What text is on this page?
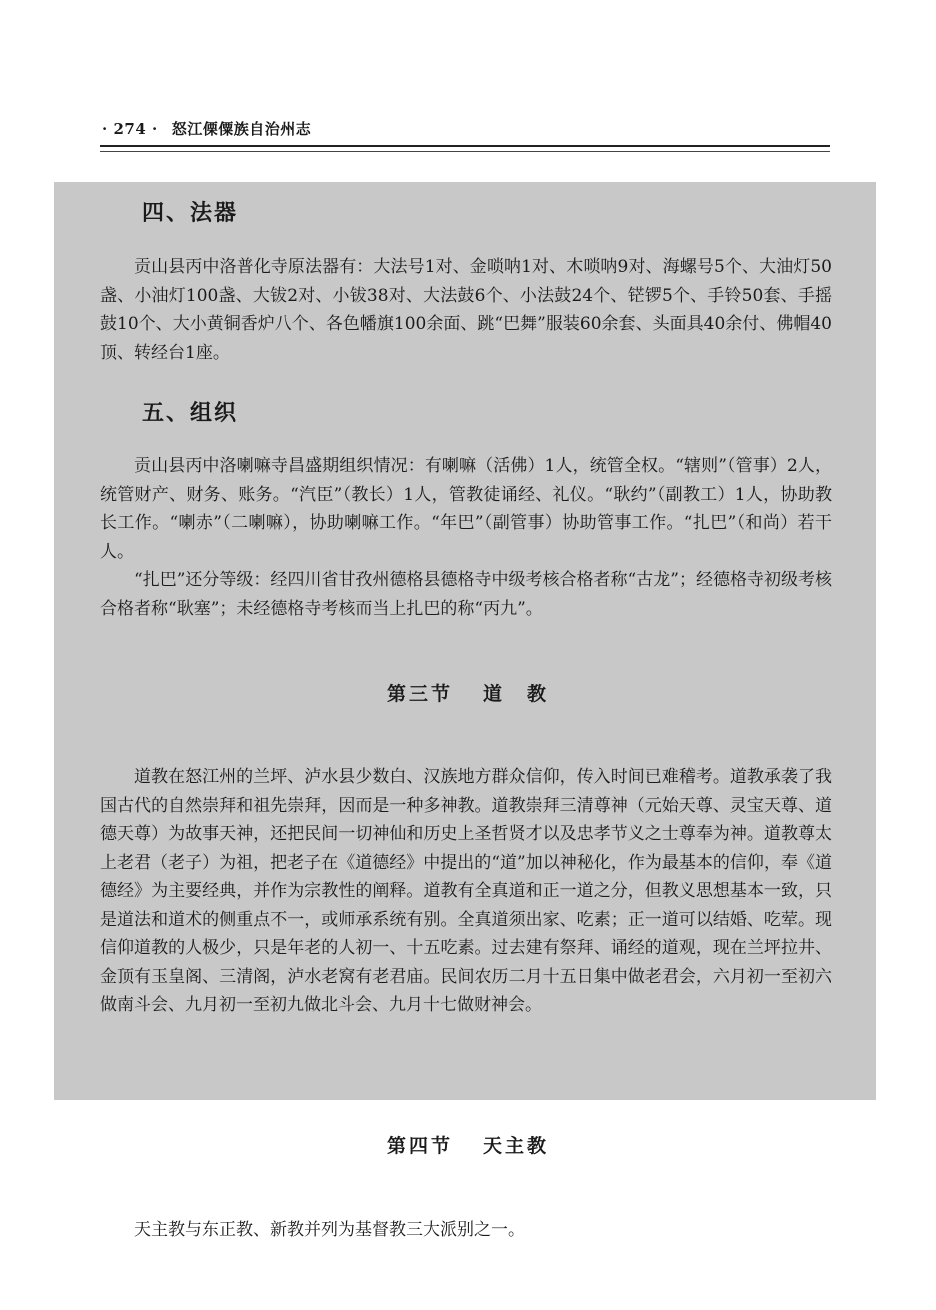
· 274 · 怒江傈僳族自治州志
四、法器

贡山县丙中洛普化寺原法器有：大法号1对、金唢呐1对、木唢呐9对、海螺号5个、大油灯50盏、小油灯100盏、大钹2对、小钹38对、大法鼓6个、小法鼓24个、铓锣5个、手铃50套、手摇鼓10个、大小黄铜香炉八个、各色幡旗100余面、跳“巴舞”服装60余套、头面具40余付、佛帽40顶、转经台1座。

五、组织

贡山县丙中洛喇嘛寺昌盛期组织情况：有喇嘛（活佛）1人，统管全权。“辖则”（管事）2人，统管财产、财务、账务。“汽臣”（教长）1人，管教徒诵经、礼仪。“耿约”（副教工）1人，协助教长工作。“喇赤”（二喇嘛），协助喇嘛工作。“年巴”（副管事）协助管事工作。“扎巴”（和尚）若干人。

“扎巴”还分等级：经四川省甘孜州德格县德格寺中级考核合格者称“古龙”；经德格寺初级考核合格者称“耿塞”；未经德格寺考核而当上扎巴的称“丙九”。

第三节 道　教

道教在怒江州的兰坪、泸水县少数白、汉族地方群众信仰，传入时间已难稽考。道教承袭了我国古代的自然崇拜和祖先崇拜，因而是一种多神教。道教崇拜三清尊神（元始天尊、灵宝天尊、道德天尊）为故事天神，还把民间一切神仙和历史上圣哲贤才以及忠孝节义之士尊奉为神。道教尊太上老君（老子）为祖，把老子在《道德经》中提出的“道”加以神秘化，作为最基本的信仰，奉《道德经》为主要经典，并作为宗教性的阐释。道教有全真道和正一道之分，但教义思想基本一致，只是道法和道术的侧重点不一，或师承系统有别。全真道须出家、吃素；正一道可以结婚、吃荤。现信仰道教的人极少，只是年老的人初一、十五吃素。过去建有祭拜、诵经的道观，现在兰坪拉井、金顶有玉皇阁、三清阁，泸水老窝有老君庙。民间农历二月十五日集中做老君会，六月初一至初六做南斗会、九月初一至初九做北斗会、九月十七做财神会。

第四节 天主教

天主教与东正教、新教并列为基督教三大派别之一。
